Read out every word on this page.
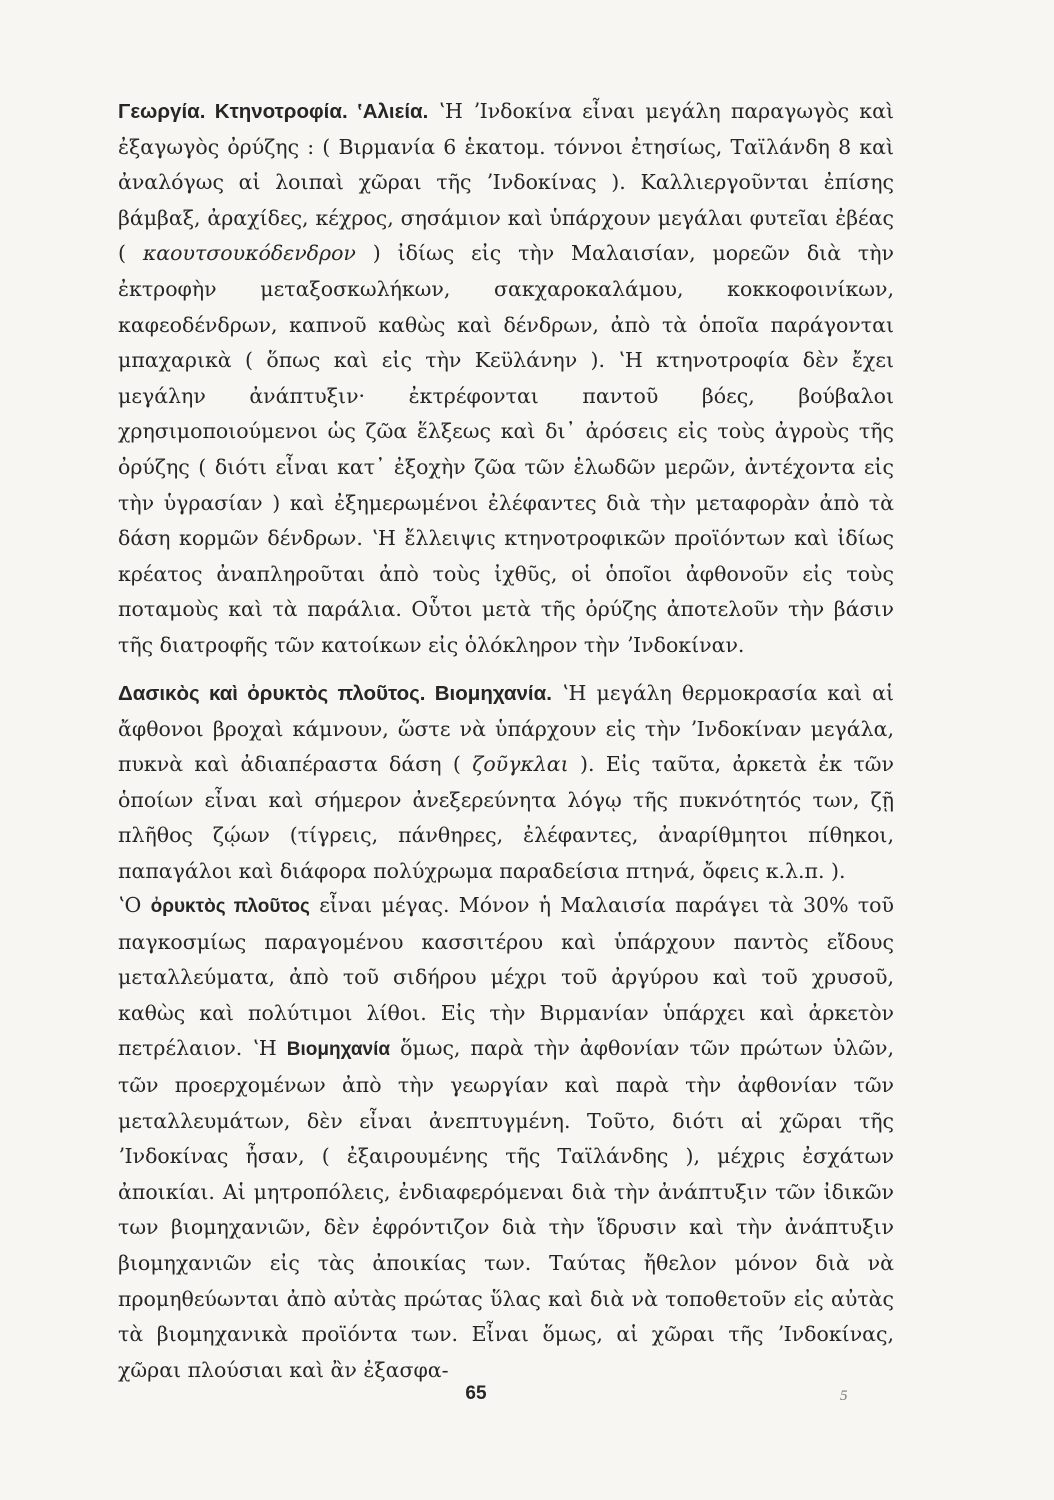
Γεωργία. Κτηνοτροφία. ʽΑλιεία. ʽΗ ʼΙνδοκίνα εἶναι μεγάλη παραγωγὸς καὶ ἐξαγωγὸς ὀρύζης : ( Βιρμανία 6 ἑκατομ. τόννοι ἐτησίως, Ταϊλάνδη 8 καὶ ἀναλόγως αἱ λοιπαὶ χῶραι τῆς ʼΙνδοκίνας ). Καλλιεργοῦνται ἐπίσης βάμβαξ, ἀραχίδες, κέχρος, σησάμιον καὶ ὑπάρχουν μεγάλαι φυτεῖαι ἐβέας ( καουτσουκόδενδρον ) ἰδίως εἰς τὴν Μαλαισίαν, μορεῶν διὰ τὴν ἐκτροφὴν μεταξοσκωλήκων, σακχαροκαλάμου, κοκκοφοινίκων, καφεοδένδρων, καπνοῦ καθὼς καὶ δένδρων, ἀπὸ τὰ ὁποῖα παράγονται μπαχαρικὰ ( ὅπως καὶ εἰς τὴν Κεϋλάνην ). ʽΗ κτηνοτροφία δὲν ἔχει μεγάλην ἀνάπτυξιν· ἐκτρέφονται παντοῦ βόες, βούβαλοι χρησιμοποιούμενοι ὡς ζῶα ἕλξεως καὶ δι᾽ ἀρόσεις εἰς τοὺς ἀγροὺς τῆς ὀρύζης ( διότι εἶναι κατ᾽ ἐξοχὴν ζῶα τῶν ἑλωδῶν μερῶν, ἀντέχοντα εἰς τὴν ὑγρασίαν ) καὶ ἐξημερωμένοι ἐλέφαντες διὰ τὴν μεταφορὰν ἀπὸ τὰ δάση κορμῶν δένδρων. ʽΗ ἔλλειψις κτηνοτροφικῶν προϊόντων καὶ ἰδίως κρέατος ἀναπληροῦται ἀπὸ τοὺς ἰχθῦς, οἱ ὁποῖοι ἀφθονοῦν εἰς τοὺς ποταμοὺς καὶ τὰ παράλια. Οὗτοι μετὰ τῆς ὀρύζης ἀποτελοῦν τὴν βάσιν τῆς διατροφῆς τῶν κατοίκων εἰς ὁλόκληρον τὴν ʼΙνδοκίναν.

Δασικὸς καὶ ὀρυκτὸς πλοῦτος. Βιομηχανία. ʽΗ μεγάλη θερμοκρασία καὶ αἱ ἄφθονοι βροχαὶ κάμνουν, ὥστε νὰ ὑπάρχουν εἰς τὴν ʼΙνδοκίναν μεγάλα, πυκνὰ καὶ ἀδιαπέραστα δάση ( ζοῦγκλαι ). Εἰς ταῦτα, ἀρκετὰ ἐκ τῶν ὁποίων εἶναι καὶ σήμερον ἀνεξερεύνητα λόγῳ τῆς πυκνότητός των, ζῇ πλῆθος ζῴων (τίγρεις, πάνθηρες, ἐλέφαντες, ἀναρίθμητοι πίθηκοι, παπαγάλοι καὶ διάφορα πολύχρωμα παραδείσια πτηνά, ὄφεις κ.λ.π. ).

ʽΟ ὀρυκτὸς πλοῦτος εἶναι μέγας. Μόνον ἡ Μαλαισία παράγει τὰ 30% τοῦ παγκοσμίως παραγομένου κασσιτέρου καὶ ὑπάρχουν παντὸς εἴδους μεταλλεύματα, ἀπὸ τοῦ σιδήρου μέχρι τοῦ ἀργύρου καὶ τοῦ χρυσοῦ, καθὼς καὶ πολύτιμοι λίθοι. Εἰς τὴν Βιρμανίαν ὑπάρχει καὶ ἀρκετὸν πετρέλαιον. ʽΗ Βιομηχανία ὅμως, παρὰ τὴν ἀφθονίαν τῶν πρώτων ὑλῶν, τῶν προερχομένων ἀπὸ τὴν γεωργίαν καὶ παρὰ τὴν ἀφθονίαν τῶν μεταλλευμάτων, δὲν εἶναι ἀνεπτυγμένη. Τοῦτο, διότι αἱ χῶραι τῆς ʼΙνδοκίνας ἦσαν, ( ἐξαιρουμένης τῆς Ταϊλάνδης ), μέχρις ἐσχάτων ἀποικίαι. Αἱ μητροπόλεις, ἐνδιαφερόμεναι διὰ τὴν ἀνάπτυξιν τῶν ἰδικῶν των βιομηχανιῶν, δὲν ἐφρόντιζον διὰ τὴν ἵδρυσιν καὶ τὴν ἀνάπτυξιν βιομηχανιῶν εἰς τὰς ἀποικίας των. Ταύτας ἤθελον μόνον διὰ νὰ προμηθεύωνται ἀπὸ αὐτὰς πρώτας ὕλας καὶ διὰ νὰ τοποθετοῦν εἰς αὐτὰς τὰ βιομηχανικὰ προϊόντα των. Εἶναι ὅμως, αἱ χῶραι τῆς ʼΙνδοκίνας, χῶραι πλούσιαι καὶ ἂν ἐξασφα-

65	5
